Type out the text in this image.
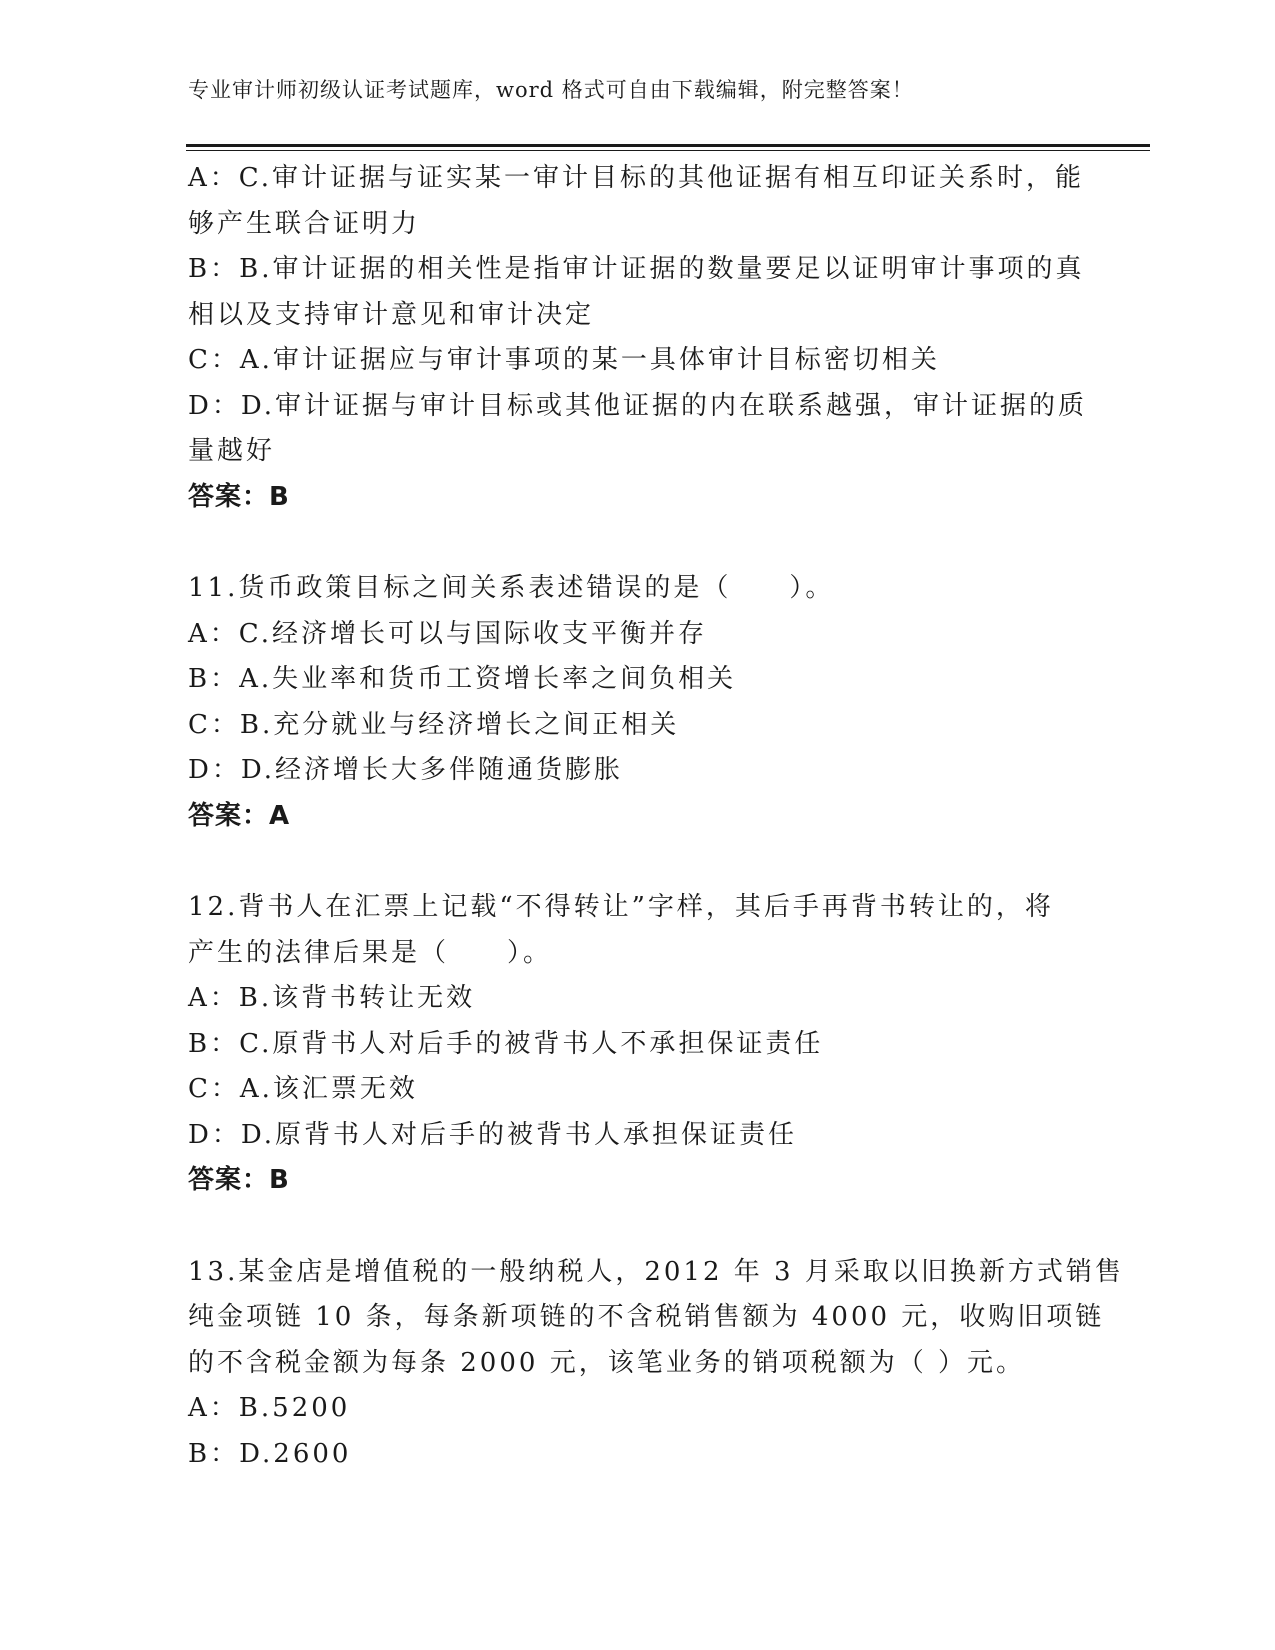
专业审计师初级认证考试题库，word 格式可自由下载编辑，附完整答案！
A：C.审计证据与证实某一审计目标的其他证据有相互印证关系时，能
够产生联合证明力
B：B.审计证据的相关性是指审计证据的数量要足以证明审计事项的真
相以及支持审计意见和审计决定
C：A.审计证据应与审计事项的某一具体审计目标密切相关
D：D.审计证据与审计目标或其他证据的内在联系越强，审计证据的质
量越好
答案：B
11.货币政策目标之间关系表述错误的是（　　）。
A：C.经济增长可以与国际收支平衡并存
B：A.失业率和货币工资增长率之间负相关
C：B.充分就业与经济增长之间正相关
D：D.经济增长大多伴随通货膨胀
答案：A
12.背书人在汇票上记载“不得转让”字样，其后手再背书转让的，将
产生的法律后果是（　　）。
A：B.该背书转让无效
B：C.原背书人对后手的被背书人不承担保证责任
C：A.该汇票无效
D：D.原背书人对后手的被背书人承担保证责任
答案：B
13.某金店是增值税的一般纳税人，2012 年 3 月采取以旧换新方式销售
纯金项链 10 条，每条新项链的不含税销售额为 4000 元，收购旧项链
的不含税金额为每条 2000 元，该笔业务的销项税额为（ ）元。
A：B.5200
B：D.2600
